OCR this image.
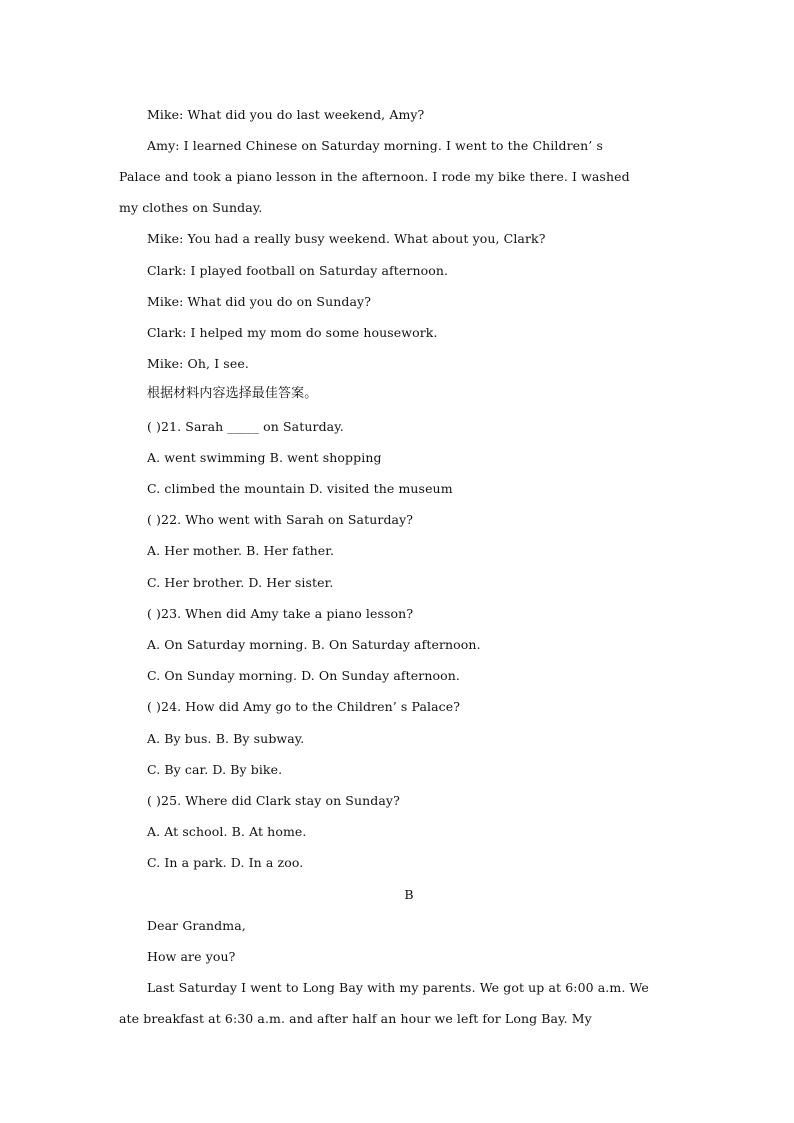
Mike: What did you do last weekend, Amy?
Amy: I learned Chinese on Saturday morning. I went to the Children’ s
Palace and took a piano lesson in the afternoon. I rode my bike there. I washed
my clothes on Sunday.
Mike: You had a really busy weekend. What about you, Clark?
Clark: I played football on Saturday afternoon.
Mike: What did you do on Sunday?
Clark: I helped my mom do some housework.
Mike: Oh, I see.
根据材料内容选择最佳答案。
( )21. Sarah _____ on Saturday.
A. went swimming B. went shopping
C. climbed the mountain D. visited the museum
( )22. Who went with Sarah on Saturday?
A. Her mother. B. Her father.
C. Her brother. D. Her sister.
( )23. When did Amy take a piano lesson?
A. On Saturday morning. B. On Saturday afternoon.
C. On Sunday morning. D. On Sunday afternoon.
( )24. How did Amy go to the Children’ s Palace?
A. By bus. B. By subway.
C. By car. D. By bike.
( )25. Where did Clark stay on Sunday?
A. At school. B. At home.
C. In a park. D. In a zoo.
B
Dear Grandma,
How are you?
Last Saturday I went to Long Bay with my parents. We got up at 6:00 a.m. We
ate breakfast at 6:30 a.m. and after half an hour we left for Long Bay. My
